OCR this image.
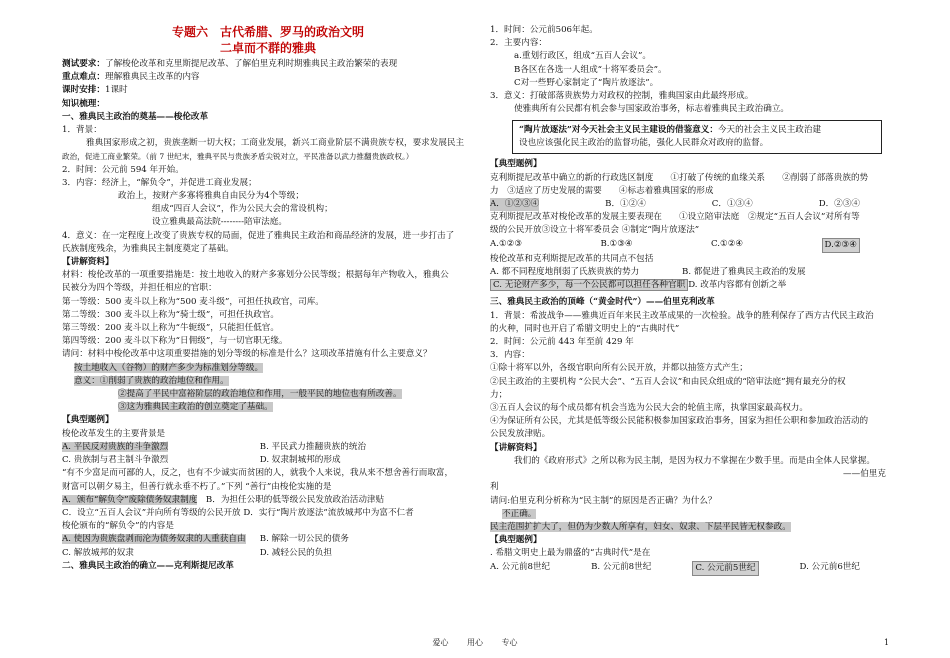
专题六　古代希腊、罗马的政治文明
二卓而不群的雅典
测试要求：了解梭伦改革和克里斯提尼改革、了解伯里克利时期雅典民主政治繁荣的表现
重点难点：理解雅典民主改革的内容
课时安排：1课时
知识梳理：
一、雅典民主政治的奠基——梭伦改革
1．背景：
雅典国家形成之初，贵族垄断一切大权；工商业发展，新兴工商业阶层不满贵族专权，要求发展民主
政治，促进工商业繁荣。（前 7 世纪末，雅典平民与贵族矛盾尖锐对立，平民准备以武力推翻贵族政权。）
2．时间：公元前 594 年开始。
3．内容：经济上，“解负令”，并促进工商业发展；
政治上，按财产多寡将雅典自由民分为4个等级；
组成“四百人会议”，作为公民大会的常设机构；
设立雅典最高法院--------陪审法庭。
4．意义：在一定程度上改变了贵族专权的局面，促进了雅典民主政治和商品经济的发展，进一步打击了
氏族制度残余，为雅典民主制度奠定了基础。
【讲解资料】
材料：梭伦改革的一项重要措施是：按土地收入的财产多寡划分公民等级；根据每年产物收入，雅典公
民被分为四个等级，并担任相应的官职：
第一等级：500 麦斗以上称为“500 麦斗级”，可担任执政官，司库。
第二等级：300 麦斗以上称为“骑士级”，可担任执政官。
第三等级：200 麦斗以上称为“牛轭级”，只能担任低官。
第四等级：200 麦斗以下称为“日佣级”，与一切官职无缘。
请问：材料中梭伦改革中这项重要措施的划分等级的标准是什么？这项改革措施有什么主要意义？
按土地收入（谷物）的财产多少为标准划分等级。
意义：①削弱了贵族的政治地位和作用。
②提高了平民中富裕阶层的政治地位和作用，一般平民的地位也有所改善。
③这为雅典民主政治的创立奠定了基础。
【典型题例】
梭伦改革发生的主要背景是
A. 平民反对贵族的斗争激烈	B. 平民武力推翻贵族的统治
C. 贵族制与君主制斗争激烈	D. 奴隶制城邦的形成
“有不少富足而可鄙的人，反之，也有不少诚实而贫困的人，就我个人来说，我从来不想舍善行而取富，
财富可以朝夕易主，但善行就永垂不朽了。”下列 “善行”由梭伦实施的是
A．颁布“解负令”废除债务奴隶制度　 B．为担任公职的低等级公民发放政治活动津贴
C．设立“五百人会议”并向所有等级的公民开放 D．实行“陶片放逐法”流放城邦中为富不仁者
梭伦颁布的“解负令”的内容是
A. 使因为贵族盘剥而沦为债务奴隶的人重获自由	B. 解除一切公民的债务
C. 解放城邦的奴隶	D. 减轻公民的负担
二、雅典民主政治的确立——克利斯提尼改革
1．时间：公元前506年起。
2．主要内容：
a.重划行政区，组成“五百人会议”。
B各区在各选一人组成“十将军委员会”。
C对一些野心家制定了“陶片放逐法”。
3．意义：打破部落贵族势力对政权的控制，雅典国家由此最终形成。
使雅典所有公民都有机会参与国家政治事务，标志着雅典民主政治确立。
“陶片放逐法”对今天社会主义民主建设的借鉴意义：今天的社会主义民主政治建
设也应该强化民主政治的监督功能，强化人民群众对政府的监督。
【典型题例】
克利斯提尼改革中确立的新的行政选区制度　　①打破了传统的血缘关系　　②削弱了部落贵族的势
力　③适应了历史发展的需要　　④标志着雅典国家的形成
A．①②③④	B．①②④	C．①③④	D．②③④
克利斯提尼改革对梭伦改革的发展主要表现在　　①设立陪审法庭　②规定“五百人会议”对所有等
级的公民开放③设立十将军委员会 ④制定“陶片放逐法”
A.①②③	B.①③④	C.①②④	D.②③④
梭伦改革和克利斯提尼改革的共同点不包括
A. 都不同程度地削弱了氏族贵族的势力	B. 都促进了雅典民主政治的发展
C. 无论财产多少，每一个公民都可以担任各种官职 D. 改革内容都有创新之举
三、雅典民主政治的顶峰（“黄金时代”）——伯里克利改革
1．背景：希波战争——雅典近百年来民主改革成果的一次检验。战争的胜利保存了西方古代民主政治
的火种，同时也开启了希腊文明史上的“古典时代”
2．时间：公元前 443 年至前 429 年
3．内容：
①除十将军以外，各级官职向所有公民开放，并都以抽签方式产生；
②民主政治的主要机构 “公民大会”、“五百人会议”和由民众组成的“陪审法庭”拥有最充分的权
力；
③五百人会议的每个成员都有机会当选为公民大会的轮值主席，执掌国家最高权力。
④为保证所有公民，尤其是低等级公民能积极参加国家政治事务，国家为担任公职和参加政治活动的
公民发放津贴。
【讲解资料】
我们的《政府形式》之所以称为民主制，是因为权力不掌握在少数手里。而是由全体人民掌握。
——伯里克
利
请问:伯里克利分析称为“民主制”的原因是否正确？为什么？
不正确。
民主范围扩扩大了，但仍为少数人所享有，妇女、奴隶、下层平民皆无权参政。
【典型题例】
. 希腊文明史上最为鼎盛的“古典时代”是在
A. 公元前8世纪	B. 公元前8世纪	C. 公元前5世纪	D. 公元前6世纪
爱心 用心 专心	1
